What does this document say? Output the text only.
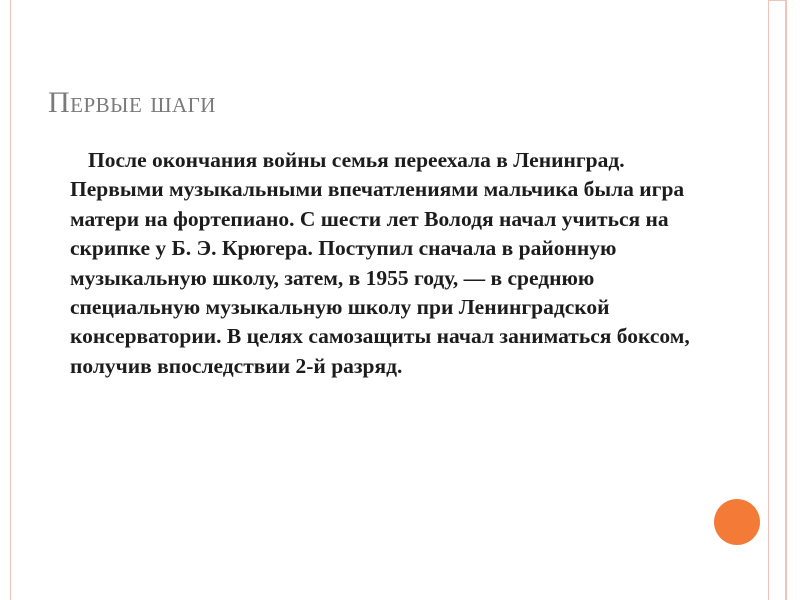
Первые шаги

После окончания войны семья переехала в Ленинград. Первыми музыкальными впечатлениями мальчика была игра матери на фортепиано. С шести лет Володя начал учиться на скрипке у Б. Э. Крюгера. Поступил сначала в районную музыкальную школу, затем, в 1955 году, — в среднюю специальную музыкальную школу при Ленинградской консерватории. В целях самозащиты начал заниматься боксом, получив впоследствии 2-й разряд.
